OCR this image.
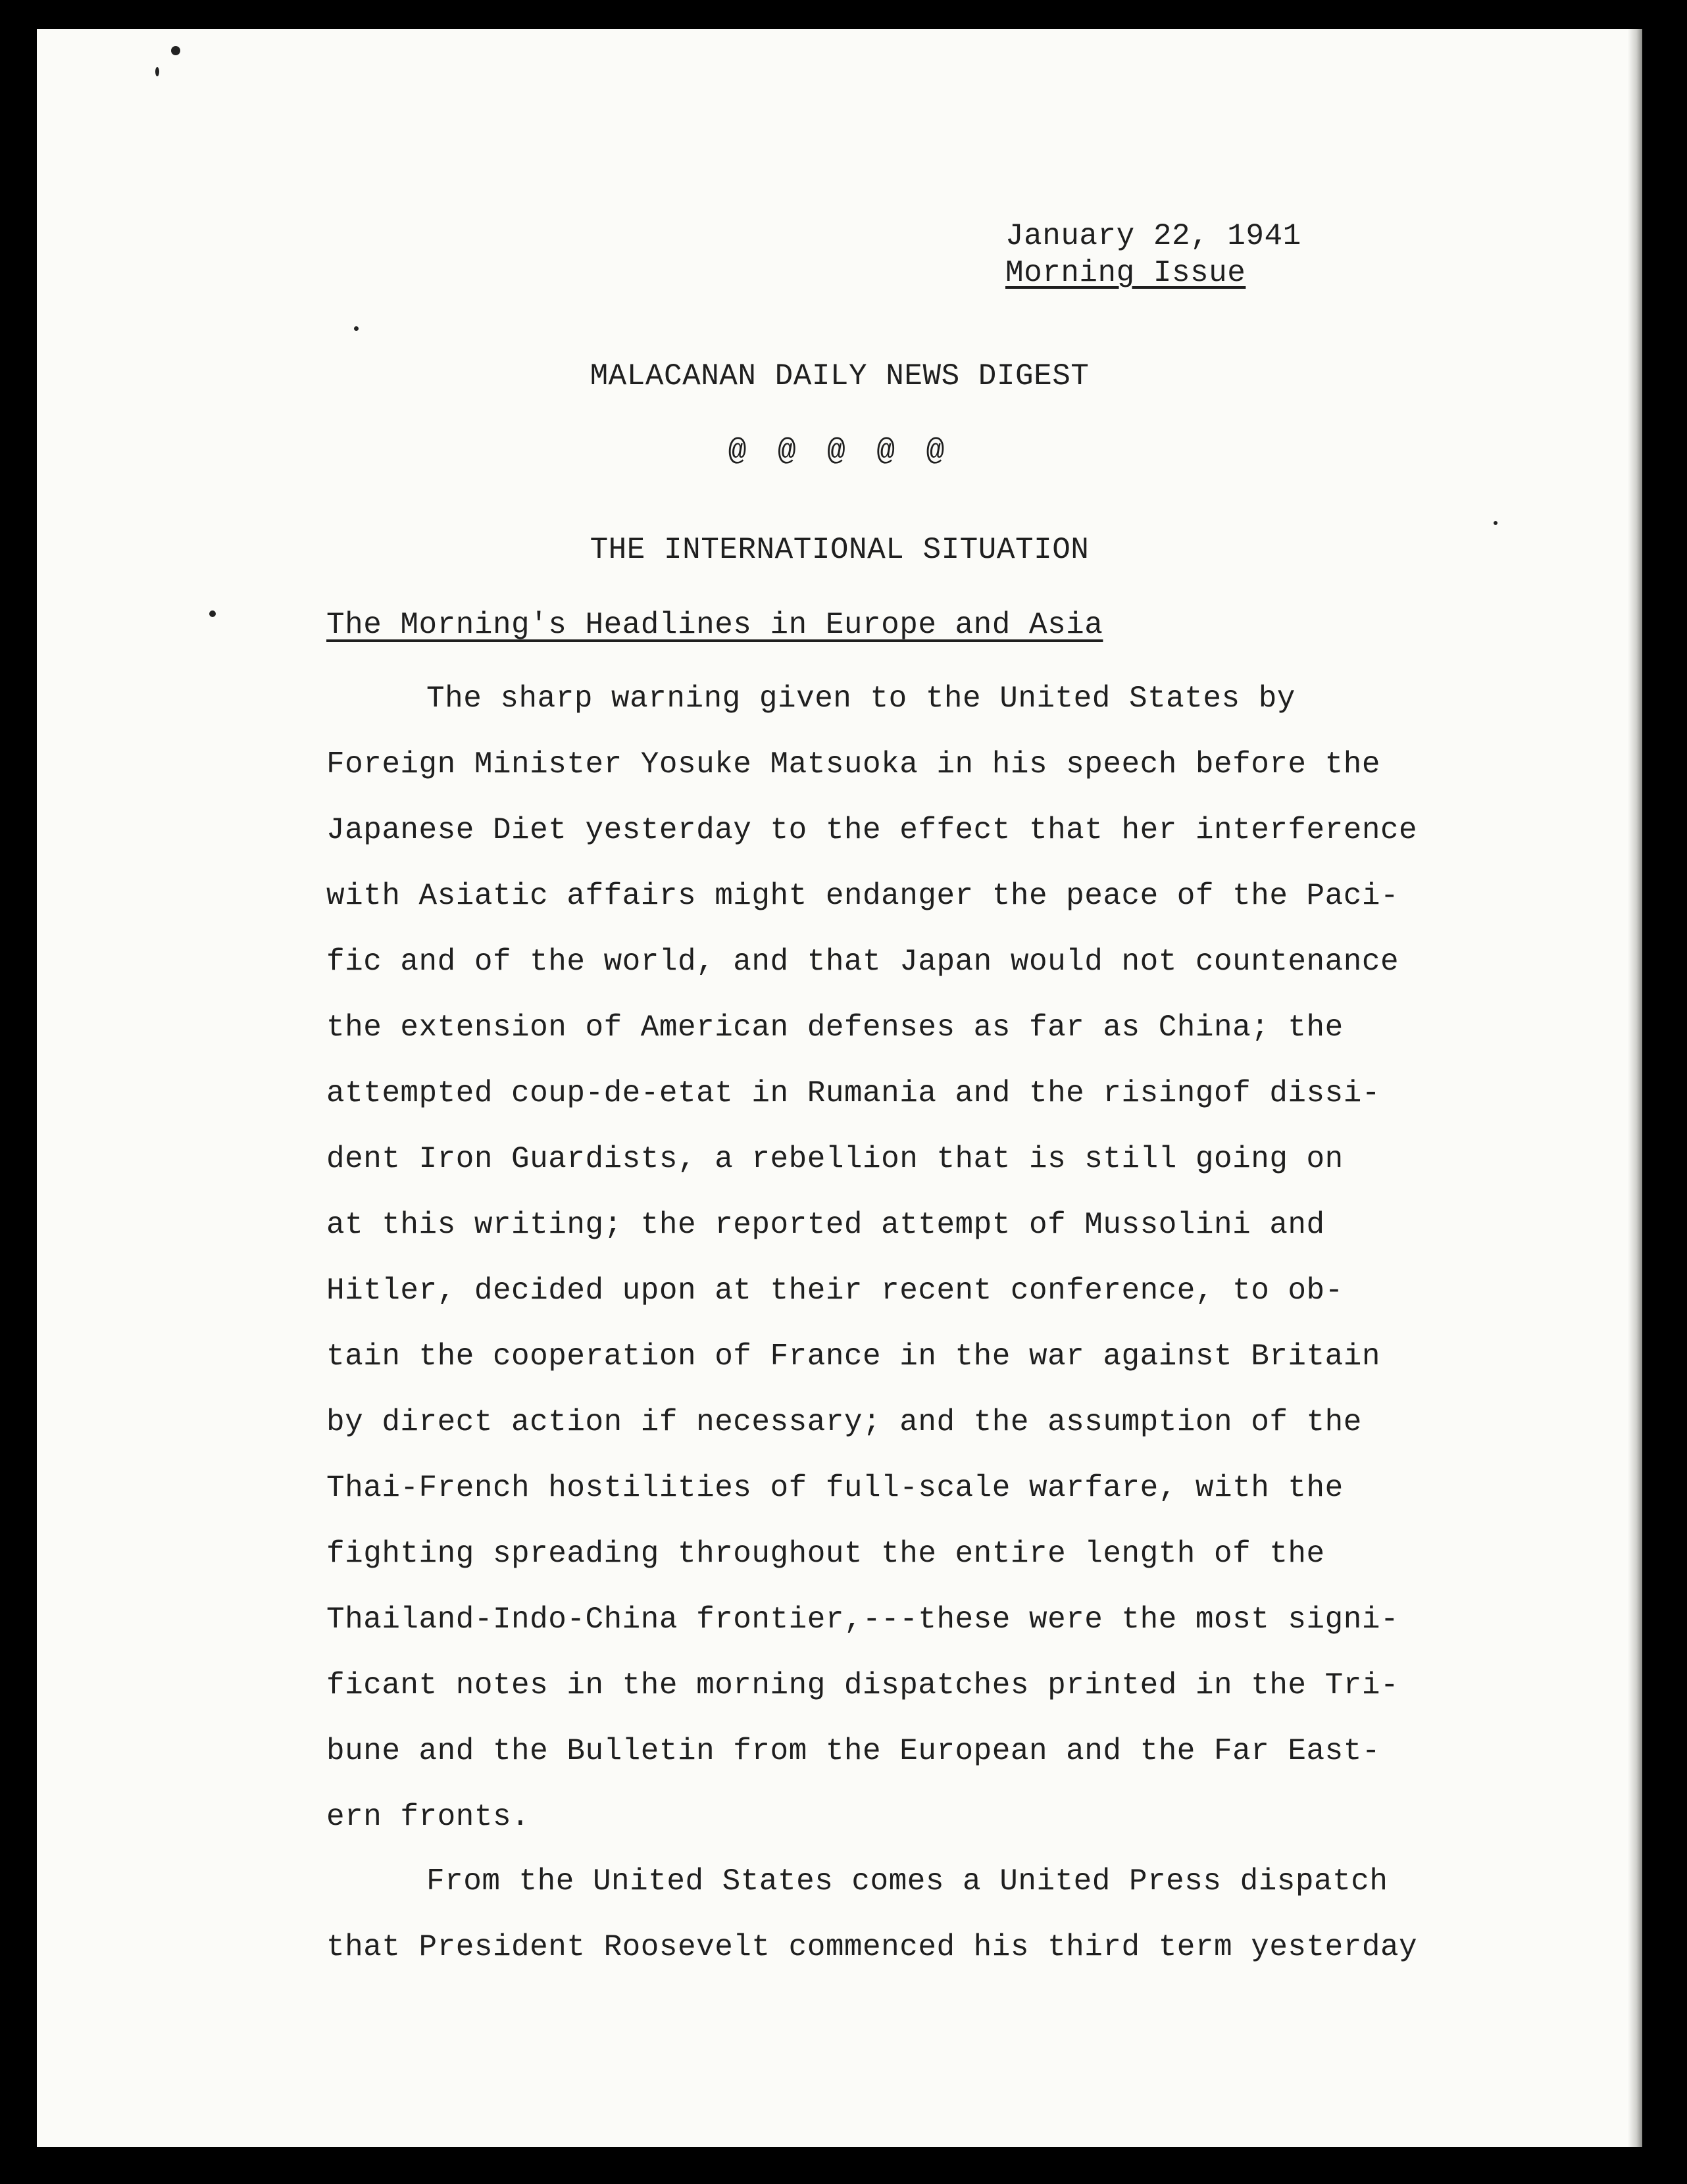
January 22, 1941

Morning Issue

MALACANAN DAILY NEWS DIGEST

@ @ @ @ @

THE INTERNATIONAL SITUATION

The Morning's Headlines in Europe and Asia

The sharp warning given to the United States by
Foreign Minister Yosuke Matsuoka in his speech before the
Japanese Diet yesterday to the effect that her interference
with Asiatic affairs might endanger the peace of the Paci-
fic and of the world, and that Japan would not countenance
the extension of American defenses as far as China; the
attempted coup-de-etat in Rumania and the risingof dissi-
dent Iron Guardists, a rebellion that is still going on
at this writing; the reported attempt of Mussolini and
Hitler, decided upon at their recent conference, to ob-
tain the cooperation of France in the war against Britain
by direct action if necessary; and the assumption of the
Thai-French hostilities of full-scale warfare, with the
fighting spreading throughout the entire length of the
Thailand-Indo-China frontier,---these were the most signi-
ficant notes in the morning dispatches printed in the Tri-
bune and the Bulletin from the European and the Far East-
ern fronts.
From the United States comes a United Press dispatch
that President Roosevelt commenced his third term yesterday
